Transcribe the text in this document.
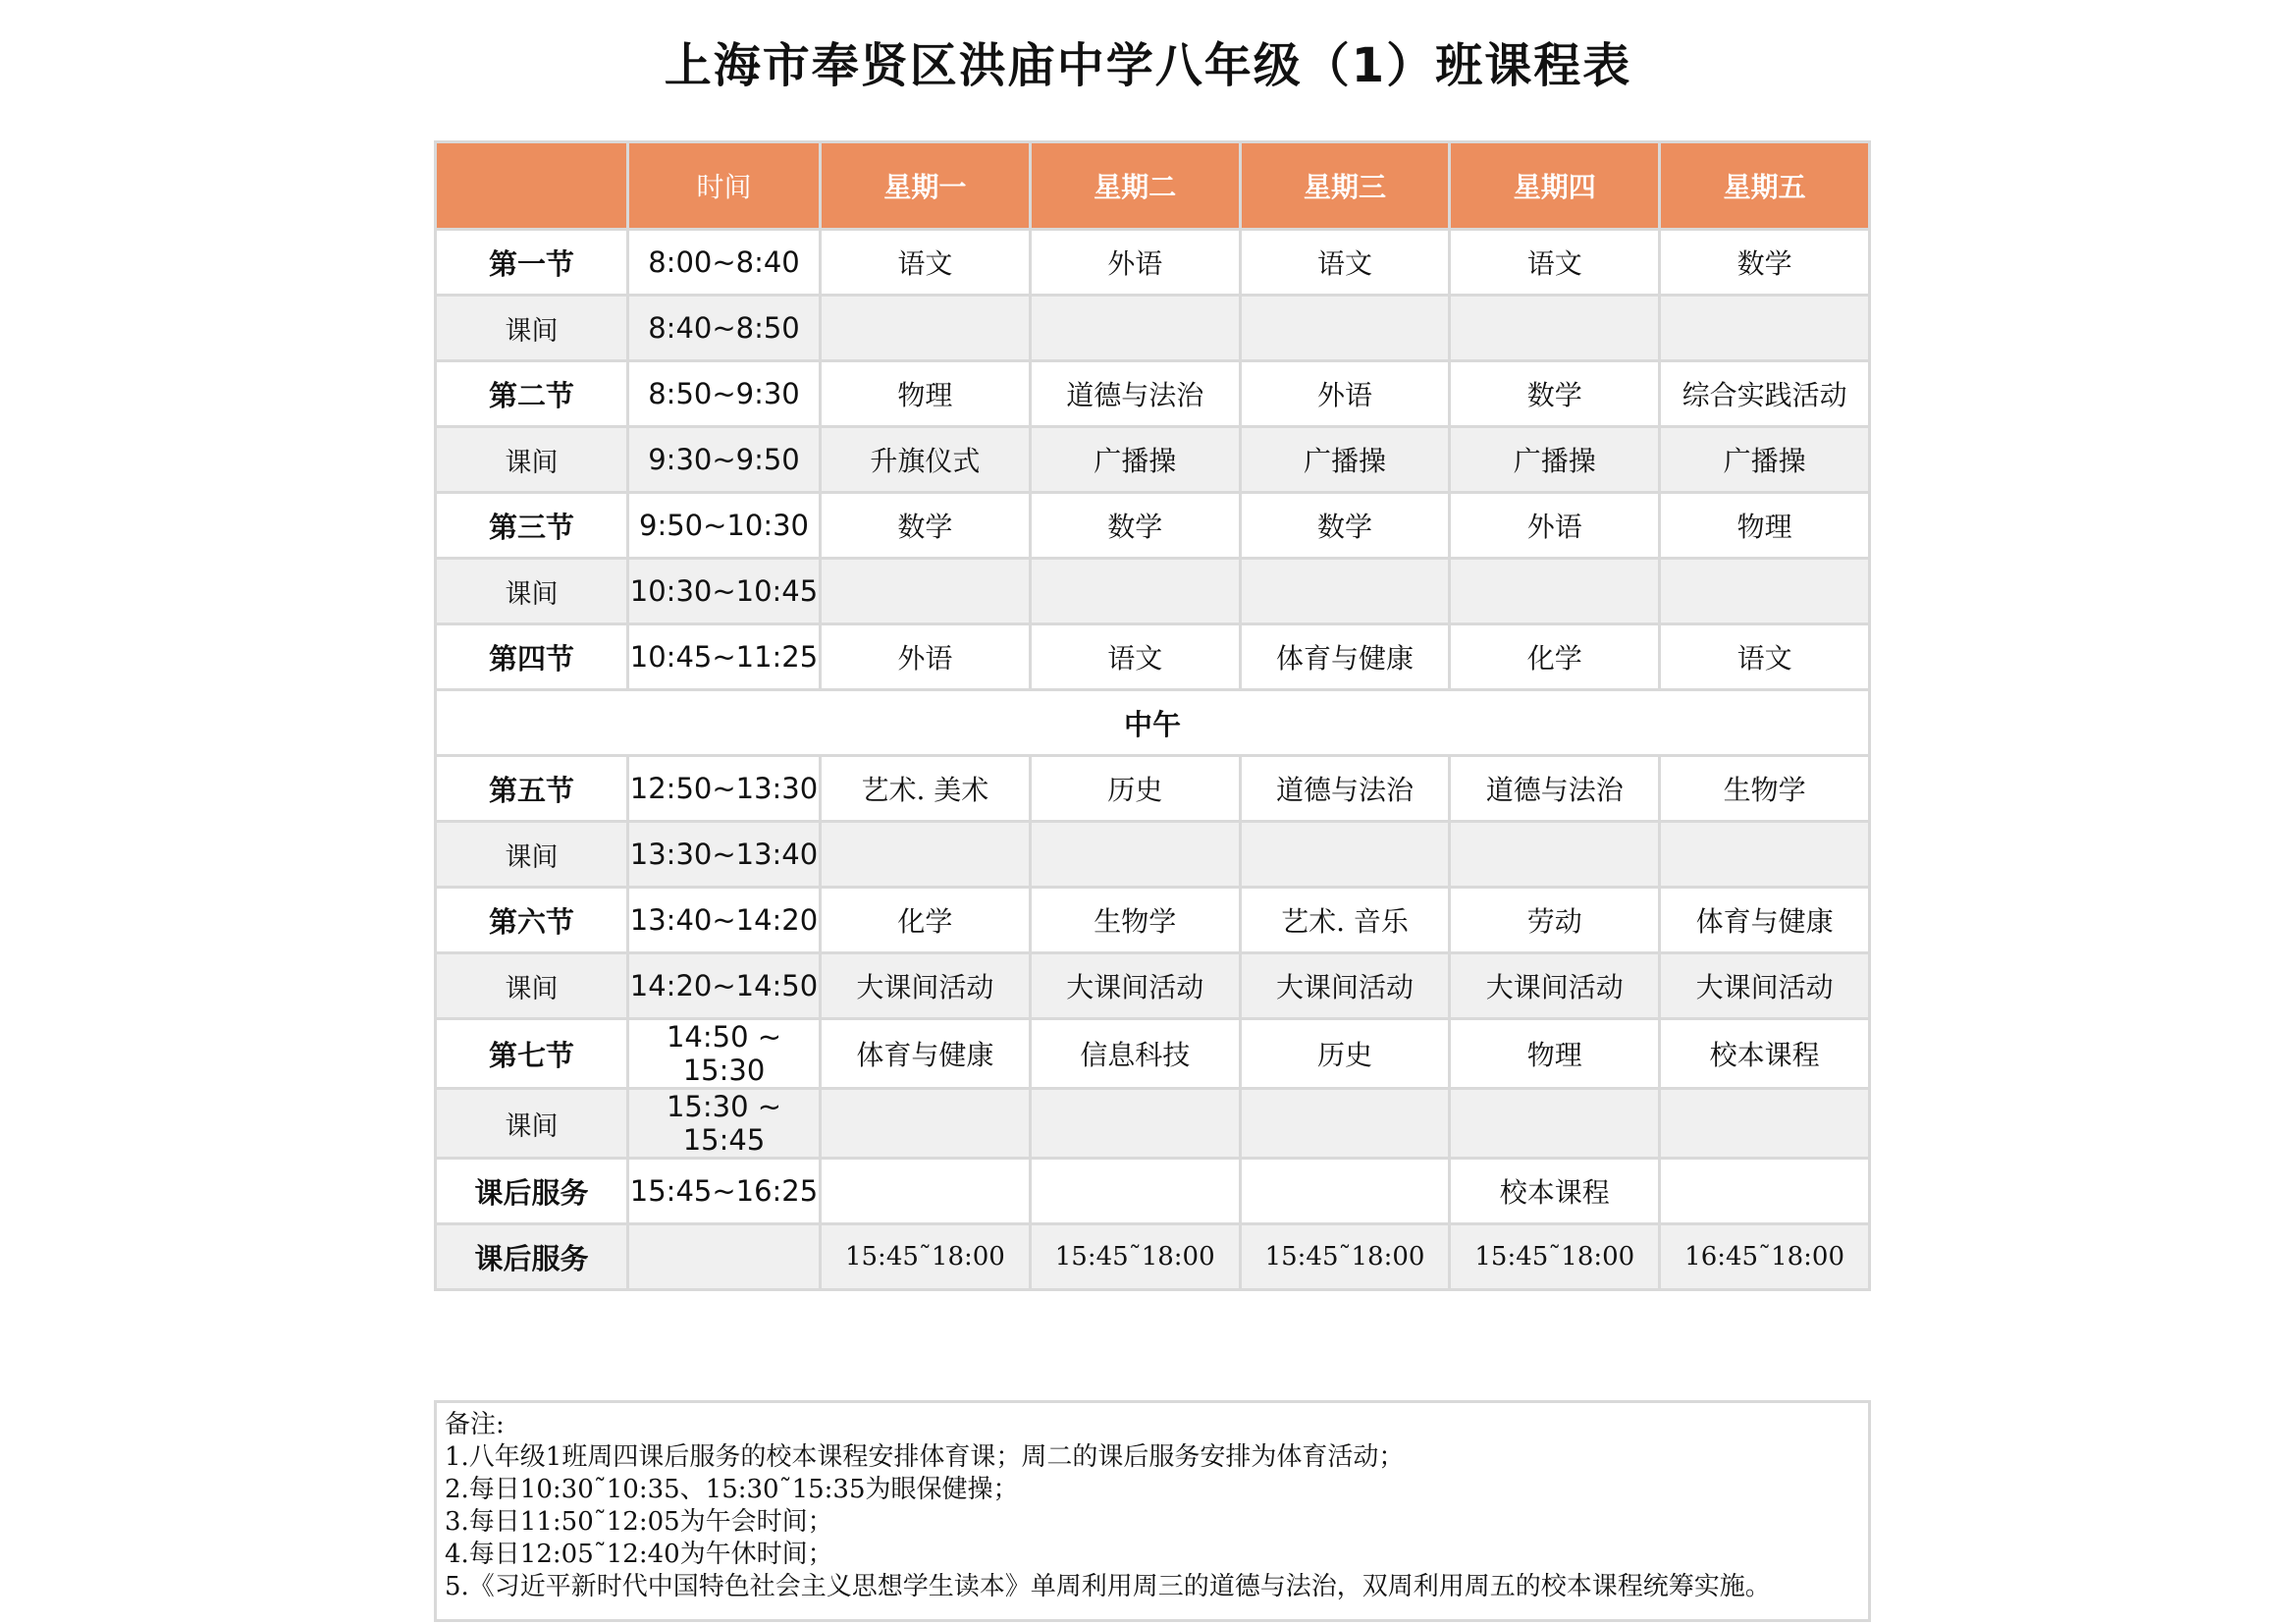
上海市奉贤区洪庙中学八年级（1）班课程表
	时间	星期一	星期二	星期三	星期四	星期五
第一节	8:00~8:40	语文	外语	语文	语文	数学
课间	8:40~8:50					
第二节	8:50~9:30	物理	道德与法治	外语	数学	综合实践活动
课间	9:30~9:50	升旗仪式	广播操	广播操	广播操	广播操
第三节	9:50~10:30	数学	数学	数学	外语	物理
课间	10:30~10:45					
第四节	10:45~11:25	外语	语文	体育与健康	化学	语文
中午						
第五节	12:50~13:30	艺术. 美术	历史	道德与法治	道德与法治	生物学
课间	13:30~13:40					
第六节	13:40~14:20	化学	生物学	艺术. 音乐	劳动	体育与健康
课间	14:20~14:50	大课间活动	大课间活动	大课间活动	大课间活动	大课间活动
第七节	14:50 ~ 15:30	体育与健康	信息科技	历史	物理	校本课程
课间	15:30 ~ 15:45					
课后服务	15:45~16:25				校本课程	
课后服务		15:45˜18:00	15:45˜18:00	15:45˜18:00	15:45˜18:00	16:45˜18:00
备注:
1.八年级1班周四课后服务的校本课程安排体育课；周二的课后服务安排为体育活动；
2.每日10:30˜10:35、15:30˜15:35为眼保健操；
3.每日11:50˜12:05为午会时间；
4.每日12:05˜12:40为午休时间；
5.《习近平新时代中国特色社会主义思想学生读本》单周利用周三的道德与法治，双周利用周五的校本课程统筹实施。
